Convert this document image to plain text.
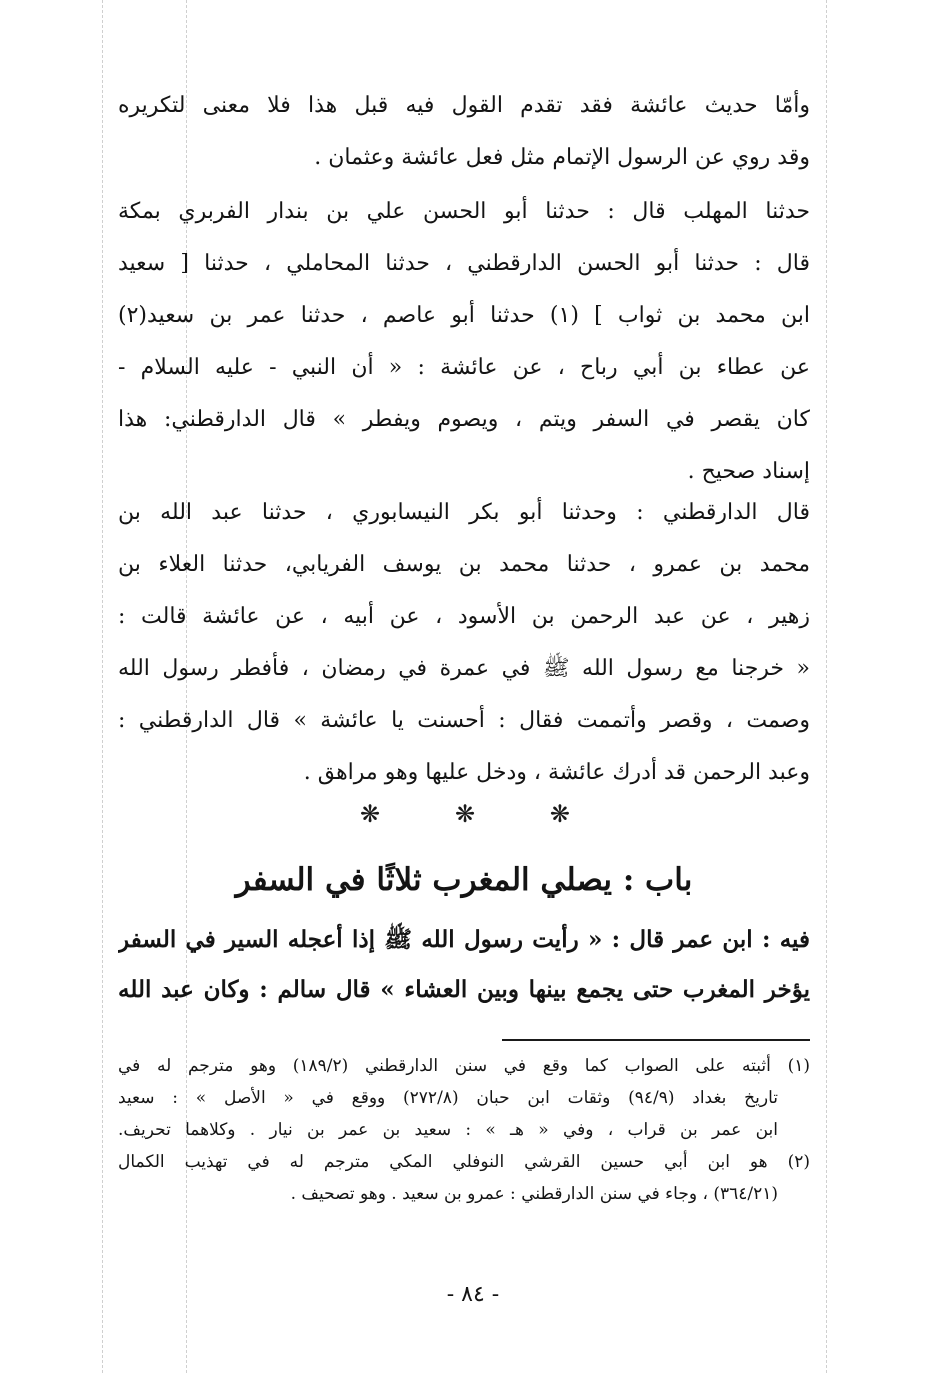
وأمّا حديث عائشة فقد تقدم القول فيه قبل هذا فلا معنى لتكريره
وقد روي عن الرسول الإتمام مثل فعل عائشة وعثمان .
حدثنا المهلب قال : حدثنا أبو الحسن علي بن بندار الفربري بمكة
قال : حدثنا أبو الحسن الدارقطني ، حدثنا المحاملي ، حدثنا [ سعيد
ابن محمد بن ثواب ] (١) حدثنا أبو عاصم ، حدثنا عمر بن سعيد(٢)
عن عطاء بن أبي رباح ، عن عائشة : « أن النبي - عليه السلام -
كان يقصر في السفر ويتم ، ويصوم ويفطر » قال الدارقطني: هذا
إسناد صحيح .
قال الدارقطني : وحدثنا أبو بكر النيسابوري ، حدثنا عبد الله بن
محمد بن عمرو ، حدثنا محمد بن يوسف الفريابي، حدثنا العلاء بن
زهير ، عن عبد الرحمن بن الأسود ، عن أبيه ، عن عائشة قالت :
« خرجنا مع رسول الله ﷺ في عمرة في رمضان ، فأفطر رسول الله
وصمت ، وقصر وأتممت فقال : أحسنت يا عائشة » قال الدارقطني :
وعبد الرحمن قد أدرك عائشة ، ودخل عليها وهو مراهق .
❋	❋	❋
باب : يصلي المغرب ثلاثًا في السفر
فيه : ابن عمر قال : « رأيت رسول الله ﷺ إذا أعجله السير في السفر
يؤخر المغرب حتى يجمع بينها وبين العشاء » قال سالم : وكان عبد الله
(١) أثبته على الصواب كما وقع في سنن الدارقطني (١٨٩/٢) وهو مترجم له في
تاريخ بغداد (٩٤/٩) وثقات ابن حبان (٢٧٢/٨) ووقع في « الأصل » : سعيد
ابن عمر بن قراب ، وفي « هـ » : سعيد بن عمر بن نيار . وكلاهما تحريف.
(٢) هو ابن أبي حسين القرشي النوفلي المكي مترجم له في تهذيب الكمال
(٣٦٤/٢١) ، وجاء في سنن الدارقطني : عمرو بن سعيد . وهو تصحيف .
- ٨٤ -
